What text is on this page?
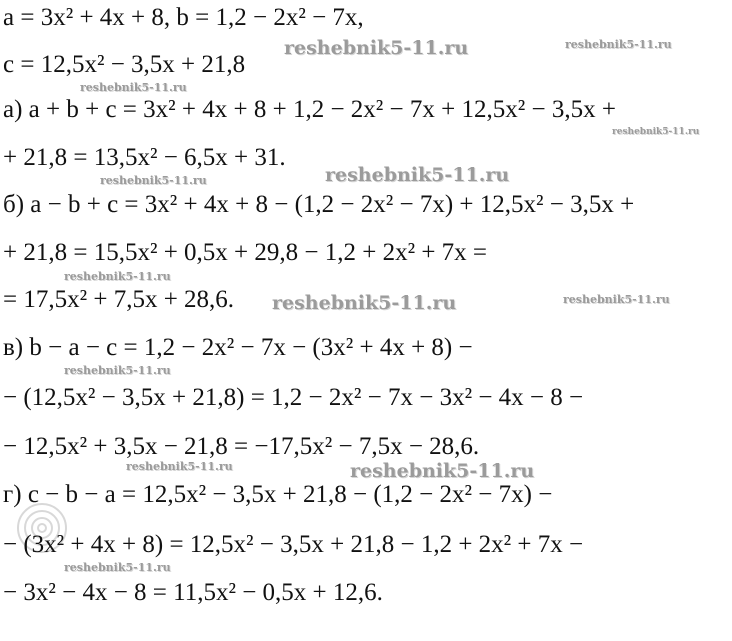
reshebnik5-11.ru	reshebnik5-11.ru
reshebnik5-11.ru
reshebnik5-11.ru
reshebnik5-11.ru	reshebnik5-11.ru
reshebnik5-11.ru
reshebnik5-11.ru	reshebnik5-11.ru
reshebnik5-11.ru
reshebnik5-11.ru	reshebnik5-11.ru
reshebnik5-11.ru
a = 3x² + 4x + 8, b = 1,2 − 2x² − 7x,
c = 12,5x² − 3,5x + 21,8
а) a + b + c = 3x² + 4x + 8 + 1,2 − 2x² − 7x + 12,5x² − 3,5x +
+ 21,8 = 13,5x² − 6,5x + 31.
б) a − b + c = 3x² + 4x + 8 − (1,2 − 2x² − 7x) + 12,5x² − 3,5x +
+ 21,8 = 15,5x² + 0,5x + 29,8 − 1,2 + 2x² + 7x =
= 17,5x² + 7,5x + 28,6.
в) b − a − c = 1,2 − 2x² − 7x − (3x² + 4x + 8) −
− (12,5x² − 3,5x + 21,8) = 1,2 − 2x² − 7x − 3x² − 4x − 8 −
− 12,5x² + 3,5x − 21,8 = −17,5x² − 7,5x − 28,6.
г) c − b − a = 12,5x² − 3,5x + 21,8 − (1,2 − 2x² − 7x) −
− (3x² + 4x + 8) = 12,5x² − 3,5x + 21,8 − 1,2 + 2x² + 7x −
− 3x² − 4x − 8 = 11,5x² − 0,5x + 12,6.
